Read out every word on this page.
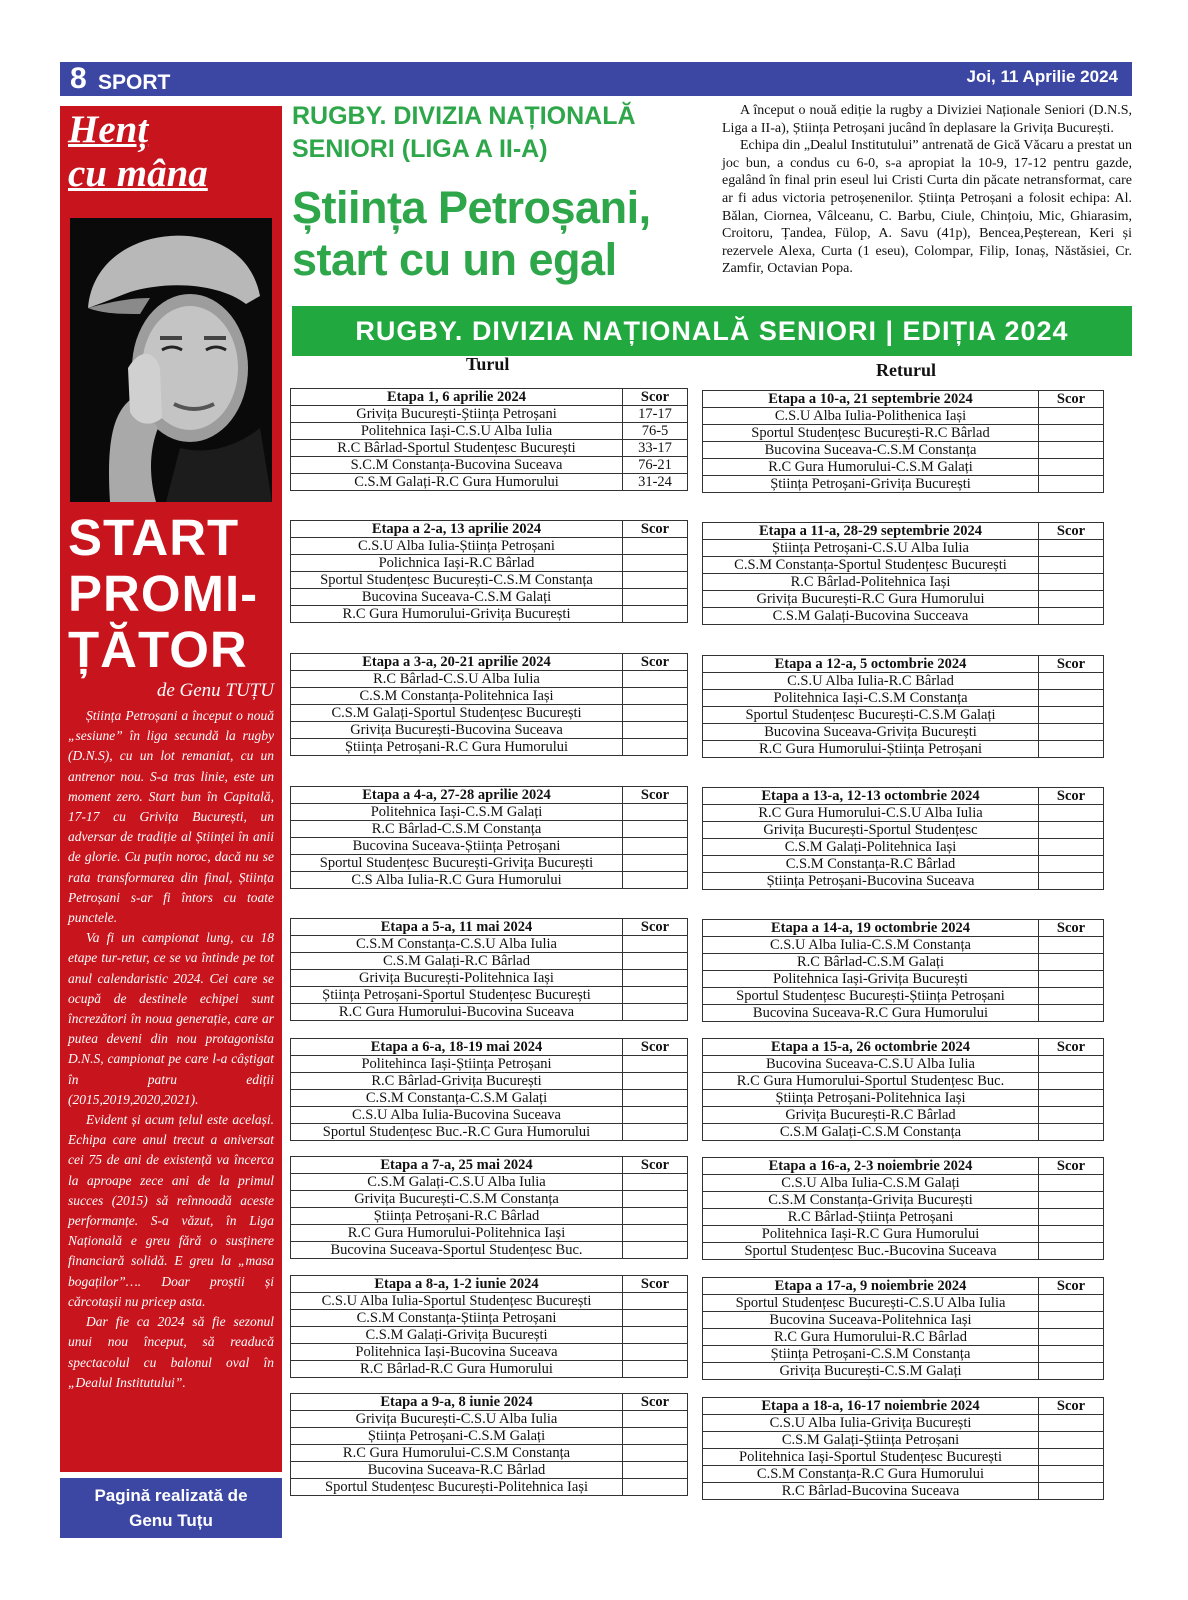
8 SPORT	Joi, 11 Aprilie 2024
Henț
cu mâna
START PROMI-ȚĂTOR
de Genu TUȚU

Știința Petroșani a început o nouă „sesiune” în liga secundă la rugby (D.N.S), cu un lot remaniat, cu un antrenor nou. S-a tras linie, este un moment zero. Start bun în Capitală, 17-17 cu Grivița București, un adversar de tradiție al Științei în anii de glorie. Cu puțin noroc, dacă nu se rata transformarea din final, Știința Petroșani s-ar fi întors cu toate punctele.

Va fi un campionat lung, cu 18 etape tur-retur, ce se va întinde pe tot anul calendaristic 2024. Cei care se ocupă de destinele echipei sunt încrezători în noua generație, care ar putea deveni din nou protagonista D.N.S, campionat pe care l-a câștigat în patru ediții (2015,2019,2020,2021).

Evident și acum țelul este același. Echipa care anul trecut a aniversat cei 75 de ani de existență va încerca la aproape zece ani de la primul succes (2015) să reînnoadă aceste performanțe. S-a văzut, în Liga Națională e greu fără o susținere financiară solidă. E greu la „masa bogaților”…. Doar proștii și cărcotașii nu pricep asta.

Dar fie ca 2024 să fie sezonul unui nou început, să readucă spectacolul cu balonul oval în „Dealul Institutului”.

Pagină realizată de
Genu Tuțu
RUGBY. DIVIZIA NAȚIONALĂ SENIORI (LIGA A II-A)
Știința Petroșani, start cu un egal

A început o nouă ediție la rugby a Diviziei Naționale Seniori (D.N.S, Liga a II-a), Știința Petroșani jucând în deplasare la Grivița București.

Echipa din „Dealul Institutului” antrenată de Gică Văcaru a prestat un joc bun, a condus cu 6-0, s-a apropiat la 10-9, 17-12 pentru gazde, egalând în final prin eseul lui Cristi Curta din păcate netransformat, care ar fi adus victoria petroșenenilor. Știința Petroșani a folosit echipa: Al. Bălan, Ciornea, Vâlceanu, C. Barbu, Ciule, Chințoiu, Mic, Ghiarasim, Croitoru, Țandea, Fülop, A. Savu (41p), Bencea,Peșterean, Keri și rezervele Alexa, Curta (1 eseu), Colompar, Filip, Ionaș, Năstăsiei, Cr. Zamfir, Octavian Popa.

RUGBY. DIVIZIA NAȚIONALĂ SENIORI | EDIȚIA 2024
Turul	Returul
Etapa 1, 6 aprilie 2024	Scor
Grivița București-Știința Petroșani	17-17
Politehnica Iași-C.S.U Alba Iulia	76-5
R.C Bârlad-Sportul Studențesc București	33-17
S.C.M Constanța-Bucovina Suceava	76-21
C.S.M Galați-R.C Gura Humorului	31-24
Etapa a 2-a, 13 aprilie 2024	Scor
C.S.U Alba Iulia-Știința Petroșani	
Polichnica Iași-R.C Bârlad	
Sportul Studențesc București-C.S.M Constanța	
Bucovina Suceava-C.S.M Galați	
R.C Gura Humorului-Grivița București	
Etapa a 3-a, 20-21 aprilie 2024	Scor
R.C Bârlad-C.S.U Alba Iulia	
C.S.M Constanța-Politehnica Iași	
C.S.M Galați-Sportul Studențesc București	
Grivița București-Bucovina Suceava	
Știința Petroșani-R.C Gura Humorului	
Etapa a 4-a, 27-28 aprilie 2024	Scor
Politehnica Iași-C.S.M Galați	
R.C Bârlad-C.S.M Constanța	
Bucovina Suceava-Știința Petroșani	
Sportul Studențesc București-Grivița București	
C.S Alba Iulia-R.C Gura Humorului	
Etapa a 5-a, 11 mai 2024	Scor
C.S.M Constanța-C.S.U Alba Iulia	
C.S.M Galați-R.C Bârlad	
Grivița București-Politehnica Iași	
Știința Petroșani-Sportul Studențesc București	
R.C Gura Humorului-Bucovina Suceava	
Etapa a 6-a, 18-19 mai 2024	Scor
Politehinca Iași-Știința Petroșani	
R.C Bârlad-Grivița București	
C.S.M Constanța-C.S.M Galați	
C.S.U Alba Iulia-Bucovina Suceava	
Sportul Studențesc Buc.-R.C Gura Humorului	
Etapa a 7-a, 25 mai 2024	Scor
C.S.M Galați-C.S.U Alba Iulia	
Grivița București-C.S.M Constanța	
Știința Petroșani-R.C Bârlad	
R.C Gura Humorului-Politehnica Iași	
Bucovina Suceava-Sportul Studențesc Buc.	
Etapa a 8-a, 1-2 iunie 2024	Scor
C.S.U Alba Iulia-Sportul Studențesc București	
C.S.M Constanța-Știința Petroșani	
C.S.M Galați-Grivița București	
Politehnica Iași-Bucovina Suceava	
R.C Bârlad-R.C Gura Humorului	
Etapa a 9-a, 8 iunie 2024	Scor
Grivița București-C.S.U Alba Iulia	
Știința Petroșani-C.S.M Galați	
R.C Gura Humorului-C.S.M Constanța	
Bucovina Suceava-R.C Bârlad	
Sportul Studențesc București-Politehnica Iași	
Etapa a 10-a, 21 septembrie 2024	Scor
C.S.U Alba Iulia-Polithenica Iași	
Sportul Studențesc București-R.C Bârlad	
Bucovina Suceava-C.S.M Constanța	
R.C Gura Humorului-C.S.M Galați	
Știința Petroșani-Grivița București	
Etapa a 11-a, 28-29 septembrie 2024	Scor
Știința Petroșani-C.S.U Alba Iulia	
C.S.M Constanța-Sportul Studențesc București	
R.C Bârlad-Politehnica Iași	
Grivița București-R.C Gura Humorului	
C.S.M Galați-Bucovina Succeava	
Etapa a 12-a, 5 octombrie 2024	Scor
C.S.U Alba Iulia-R.C Bârlad	
Politehnica Iași-C.S.M Constanța	
Sportul Studențesc București-C.S.M Galați	
Bucovina Suceava-Grivița București	
R.C Gura Humorului-Știința Petroșani	
Etapa a 13-a, 12-13 octombrie 2024	Scor
R.C Gura Humorului-C.S.U Alba Iulia	
Grivița București-Sportul Studențesc	
C.S.M Galați-Politehnica Iași	
C.S.M Constanța-R.C Bârlad	
Știința Petroșani-Bucovina Suceava	
Etapa a 14-a, 19 octombrie 2024	Scor
C.S.U Alba Iulia-C.S.M Constanța	
R.C Bârlad-C.S.M Galați	
Politehnica Iași-Grivița București	
Sportul Studențesc București-Știința Petroșani	
Bucovina Suceava-R.C Gura Humorului	
Etapa a 15-a, 26 octombrie 2024	Scor
Bucovina Suceava-C.S.U Alba Iulia	
R.C Gura Humorului-Sportul Studențesc Buc.	
Știința Petroșani-Politehnica Iași	
Grivița București-R.C Bârlad	
C.S.M Galați-C.S.M Constanța	
Etapa a 16-a, 2-3 noiembrie 2024	Scor
C.S.U Alba Iulia-C.S.M Galați	
C.S.M Constanța-Grivița București	
R.C Bârlad-Știința Petroșani	
Politehnica Iași-R.C Gura Humorului	
Sportul Studențesc Buc.-Bucovina Suceava	
Etapa a 17-a, 9 noiembrie 2024	Scor
Sportul Studențesc București-C.S.U Alba Iulia	
Bucovina Suceava-Politehnica Iași	
R.C Gura Humorului-R.C Bârlad	
Știința Petroșani-C.S.M Constanța	
Grivița București-C.S.M Galați	
Etapa a 18-a, 16-17 noiembrie 2024	Scor
C.S.U Alba Iulia-Grivița București	
C.S.M Galați-Știința Petroșani	
Politehnica Iași-Sportul Studențesc București	
C.S.M Constanța-R.C Gura Humorului	
R.C Bârlad-Bucovina Suceava	
